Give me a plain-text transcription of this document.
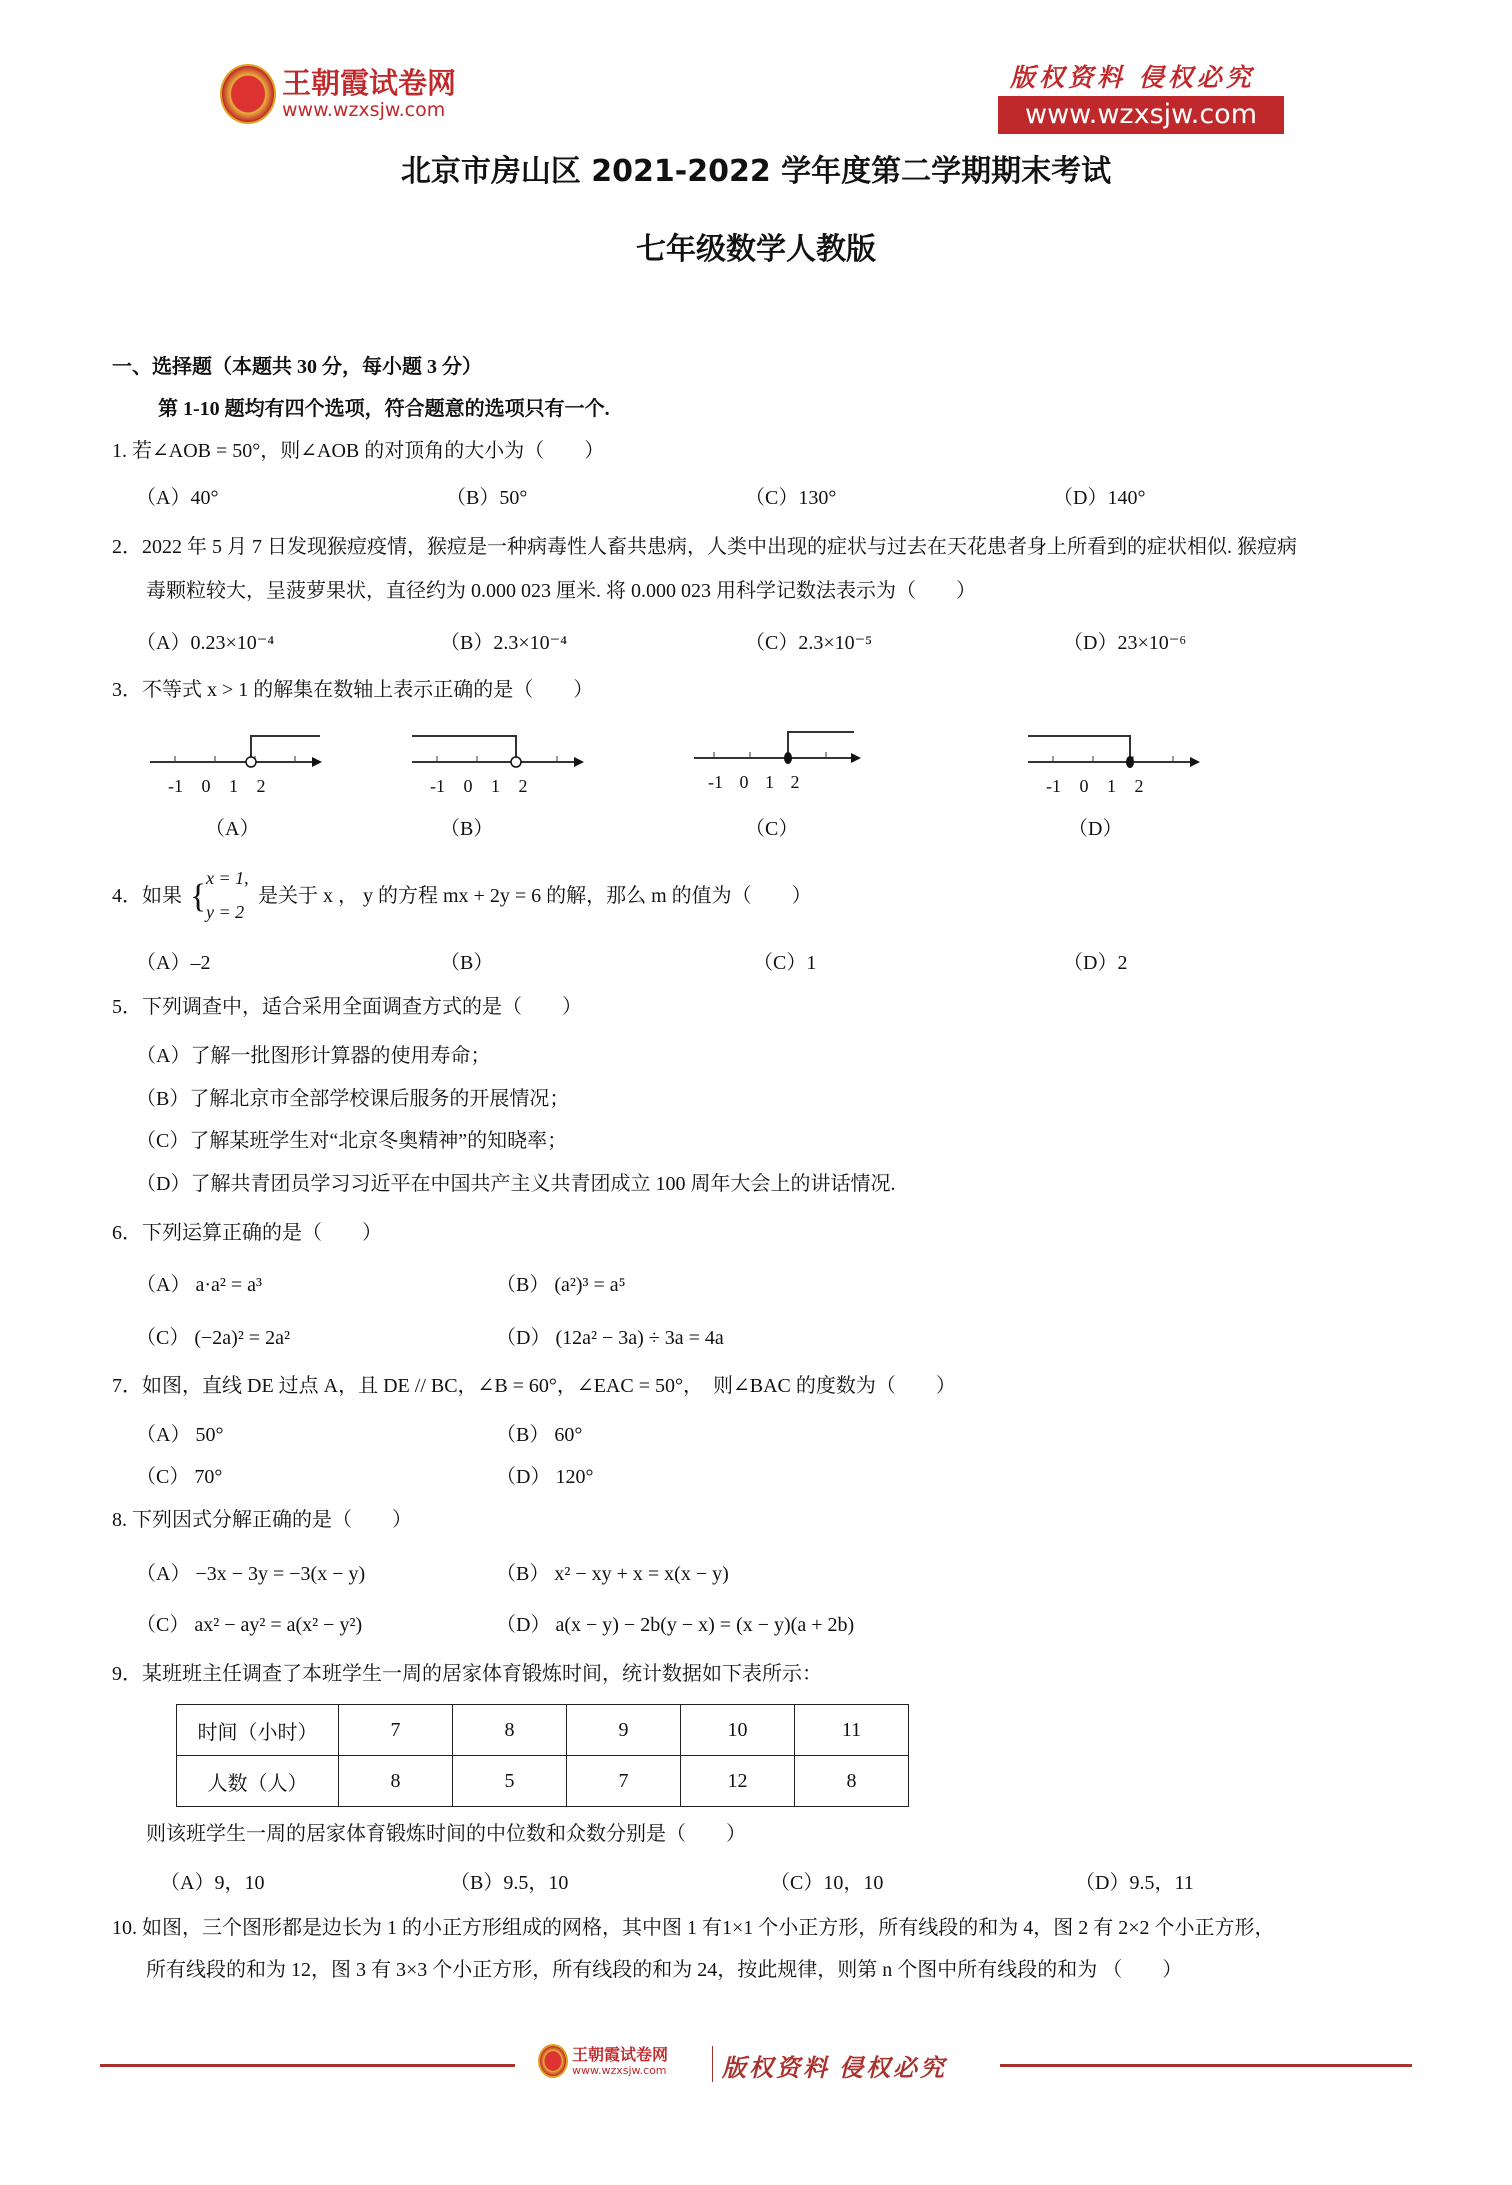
王朝霞试卷网
www.wzxsjw.com
版权资料 侵权必究
www.wzxsjw.com
北京市房山区 2021-2022 学年度第二学期期末考试
七年级数学人教版
一、选择题（本题共 30 分，每小题 3 分）
第 1-10 题均有四个选项，符合题意的选项只有一个.
1. 若∠AOB = 50°，则∠AOB 的对顶角的大小为（　　）
（A）40°	（B）50°	（C）130°	（D）140°
2．2022 年 5 月 7 日发现猴痘疫情，猴痘是一种病毒性人畜共患病，人类中出现的症状与过去在天花患者身上所看到的症状相似. 猴痘病
毒颗粒较大，呈菠萝果状，直径约为 0.000 023 厘米. 将 0.000 023 用科学记数法表示为（　　）
（A）0.23×10⁻⁴	（B）2.3×10⁻⁴	（C）2.3×10⁻⁵	（D）23×10⁻⁶
3．不等式 x > 1 的解集在数轴上表示正确的是（　　）
-1 0 1 2	-1 0 1 2	-1 0 1 2	-1 0 1 2
（A）	（B）	（C）	（D）
4．如果 { x = 1,
y = 2
是关于 x ， y 的方程 mx + 2y = 6 的解，那么 m 的值为（　　）
（A）–2	（B）	（C）1	（D）2
5．下列调查中，适合采用全面调查方式的是（　　）
（A）了解一批图形计算器的使用寿命；
（B）了解北京市全部学校课后服务的开展情况；
（C）了解某班学生对“北京冬奥精神”的知晓率；
（D）了解共青团员学习习近平在中国共产主义共青团成立 100 周年大会上的讲话情况.
6．下列运算正确的是（　　）
（A） a·a² = a³	（B） (a²)³ = a⁵
（C） (−2a)² = 2a²	（D） (12a² − 3a) ÷ 3a = 4a
7．如图，直线 DE 过点 A，且 DE // BC，∠B = 60°，∠EAC = 50°，　则∠BAC 的度数为（　　）
（A） 50°	（B） 60°
（C） 70°	（D） 120°
8. 下列因式分解正确的是（　　）
（A） −3x − 3y = −3(x − y)	（B） x² − xy + x = x(x − y)
（C） ax² − ay² = a(x² − y²)	（D） a(x − y) − 2b(y − x) = (x − y)(a + 2b)
9．某班班主任调查了本班学生一周的居家体育锻炼时间，统计数据如下表所示：
时间（小时）	7	8	9	10	11
人数（人）	8	5	7	12	8
则该班学生一周的居家体育锻炼时间的中位数和众数分别是（　　）
（A）9，10	（B）9.5，10	（C）10，10	（D）9.5，11
10. 如图，三个图形都是边长为 1 的小正方形组成的网格，其中图 1 有1×1 个小正方形，所有线段的和为 4，图 2 有 2×2 个小正方形，
所有线段的和为 12，图 3 有 3×3 个小正方形，所有线段的和为 24，按此规律，则第 n 个图中所有线段的和为 （　　）
王朝霞试卷网
www.wzxsjw.com 版权资料 侵权必究
